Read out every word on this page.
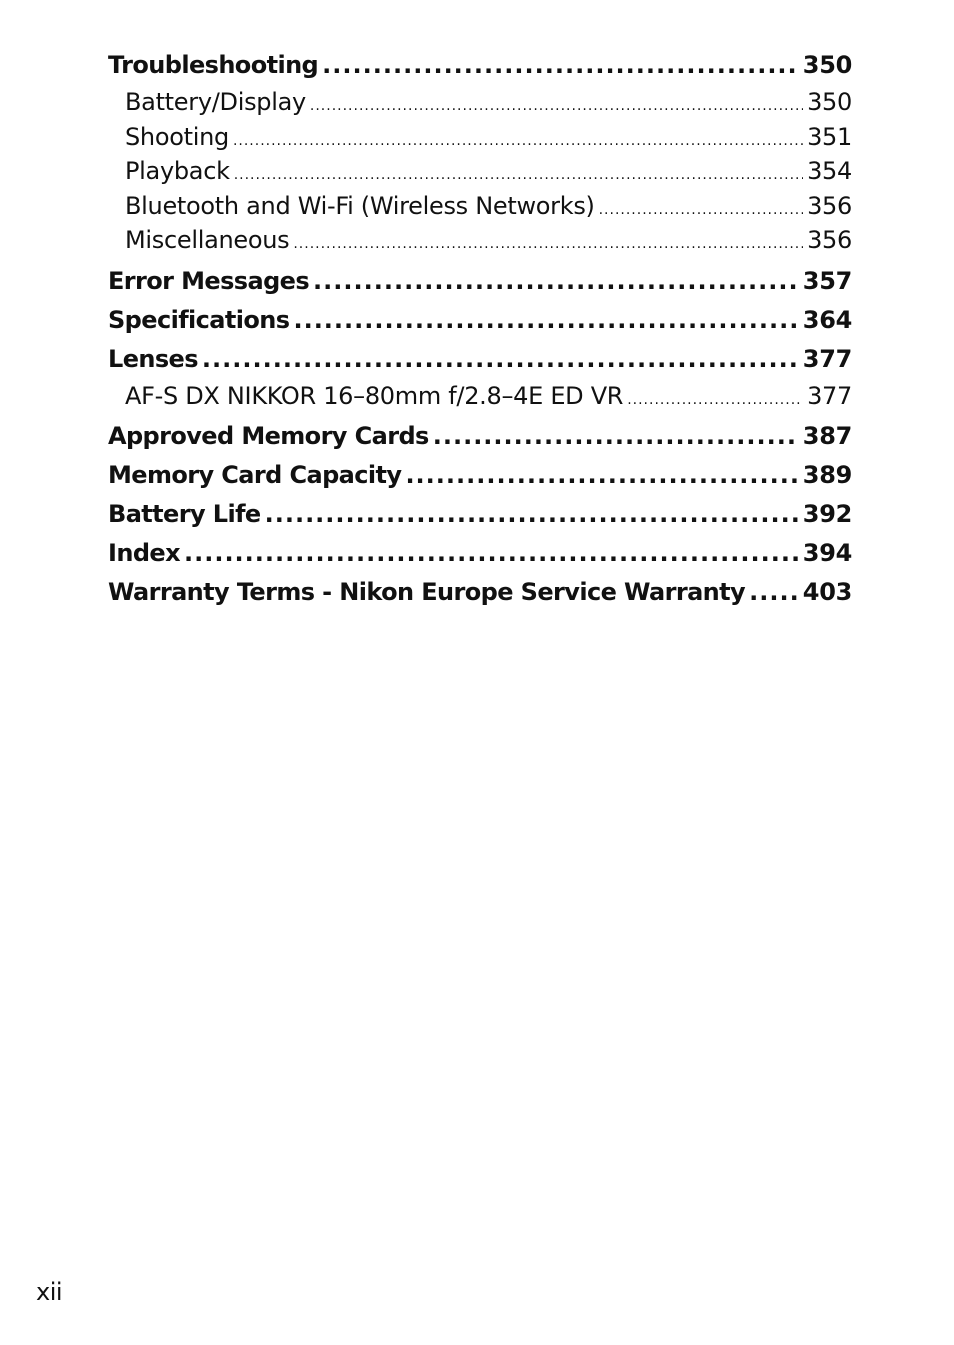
Troubleshooting .....	350
Battery/Display .....	350
Shooting .....	351
Playback .....	354
Bluetooth and Wi-Fi (Wireless Networks) .....	356
Miscellaneous .....	356
Error Messages .....	357
Specifications .....	364
Lenses .....	377
AF-S DX NIKKOR 16–80mm f/2.8–4E ED VR .....	377
Approved Memory Cards .....	387
Memory Card Capacity .....	389
Battery Life .....	392
Index .....	394
Warranty Terms - Nikon Europe Service Warranty ..... 403
xii
